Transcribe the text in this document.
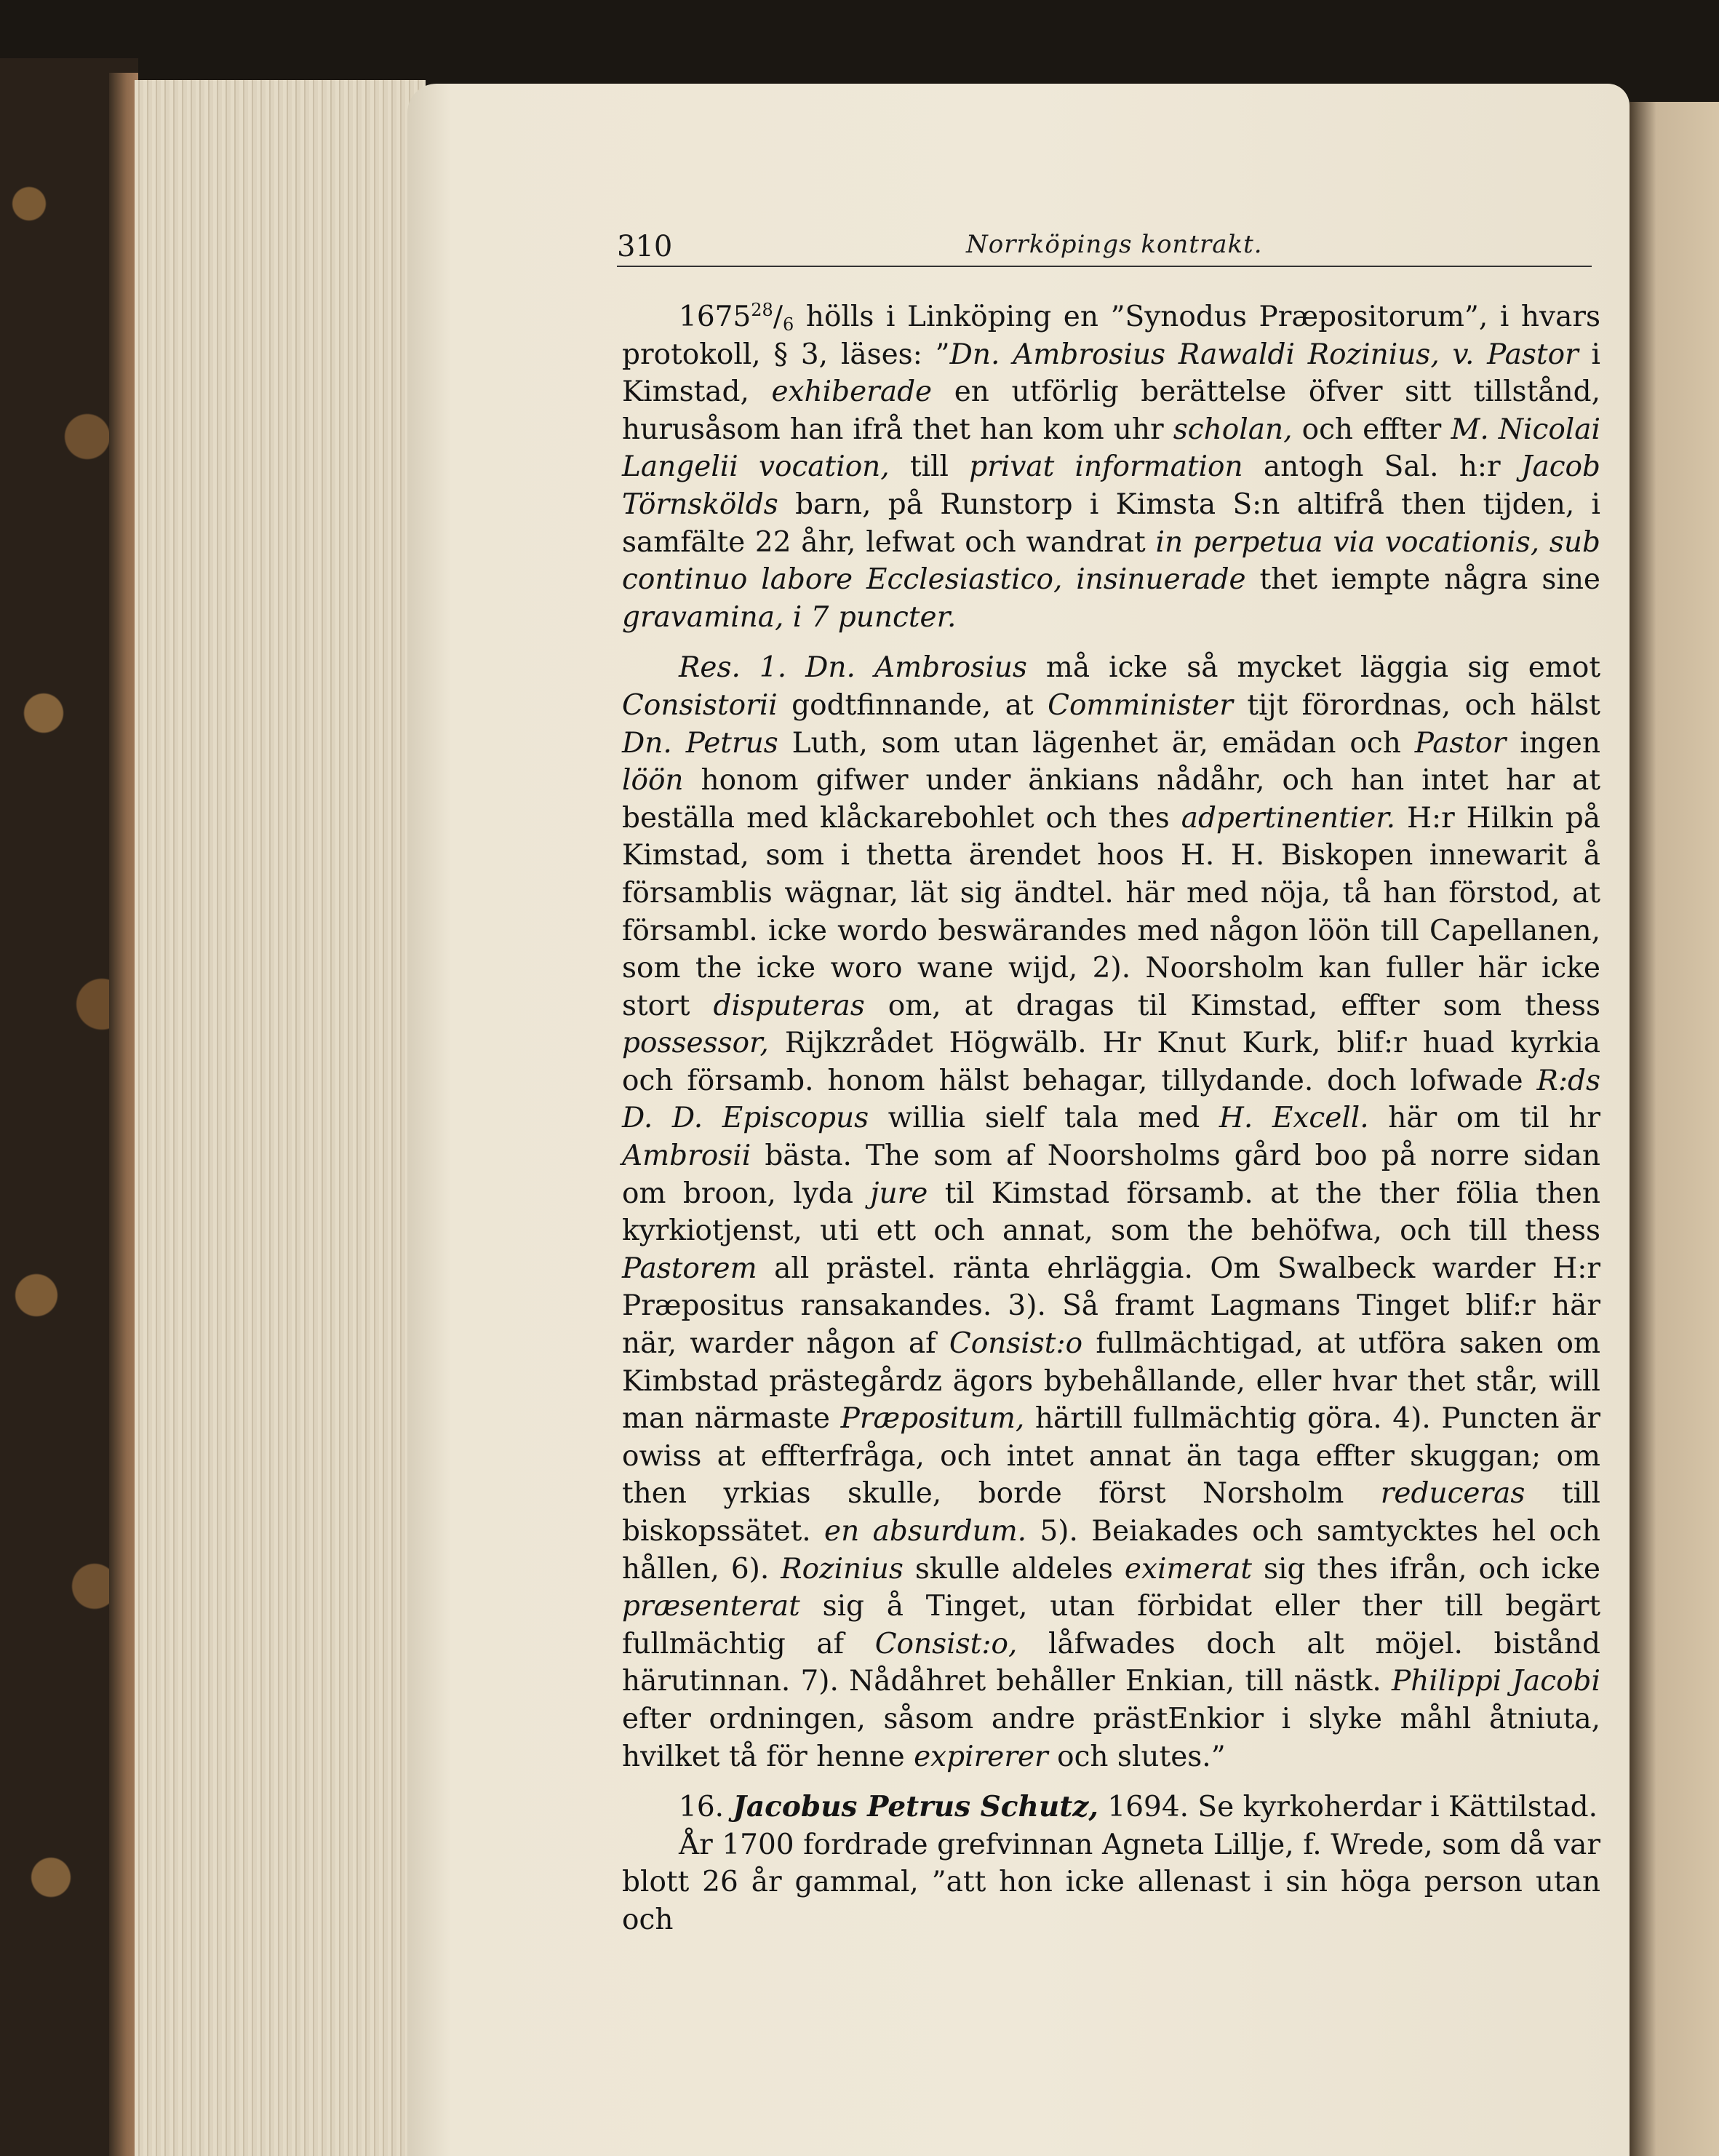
310	Norrköpings kontrakt.

$1675^{28}/_6$ hölls i Linköping en ”Synodus Præpositorum”, i hvars protokoll, § 3, läses: ”Dn. Ambrosius Rawaldi Rozinius, v. Pastor i Kimstad, exhiberade en utförlig berättelse öfver sitt tillstånd, hurusåsom han ifrå thet han kom uhr scholan, och effter M. Nicolai Langelii vocation, till privat information antogh Sal. h:r Jacob Törnskölds barn, på Runstorp i Kimsta S:n altifrå then tijden, i samfälte 22 åhr, lefwat och wandrat in perpetua via vocationis, sub continuo labore Ecclesiastico, insinuerade thet iempte några sine gravamina, i 7 puncter.

Res. 1. Dn. Ambrosius må icke så mycket läggia sig emot Consistorii godtfinnande, at Comminister tijt förordnas, och hälst Dn. Petrus Luth, som utan lägenhet är, emädan och Pastor ingen löön honom gifwer under änkians nådåhr, och han intet har at beställa med klåckarebohlet och thes adpertinentier. H:r Hilkin på Kimstad, som i thetta ärendet hoos H. H. Biskopen innewarit å församblis wägnar, lät sig ändtel. här med nöja, tå han förstod, at försambl. icke wordo beswärandes med någon löön till Capellanen, som the icke woro wane wijd, 2). Noorsholm kan fuller här icke stort disputeras om, at dragas til Kimstad, effter som thess possessor, Rijkzrådet Högwälb. Hr Knut Kurk, blif:r huad kyrkia och församb. honom hälst behagar, tillydande. doch lofwade R:ds D. D. Episcopus willia sielf tala med H. Excell. här om til hr Ambrosii bästa. The som af Noorsholms gård boo på norre sidan om broon, lyda jure til Kimstad församb. at the ther fölia then kyrkiotjenst, uti ett och annat, som the behöfwa, och till thess Pastorem all prästel. ränta ehrläggia. Om Swalbeck warder H:r Præpositus ransakandes. 3). Så framt Lagmans Tinget blif:r här när, warder någon af Consist:o fullmächtigad, at utföra saken om Kimbstad prästegårdz ägors bybehållande, eller hvar thet står, will man närmaste Præpositum, härtill fullmächtig göra. 4). Puncten är owiss at effterfråga, och intet annat än taga effter skuggan; om then yrkias skulle, borde först Norsholm reduceras till biskopssätet. en absurdum. 5). Beiakades och samtycktes hel och hållen, 6). Rozinius skulle aldeles eximerat sig thes ifrån, och icke præsenterat sig å Tinget, utan förbidat eller ther till begärt fullmächtig af Consist:o, låfwades doch alt möjel. bistånd härutinnan. 7). Nådåhret behåller Enkian, till nästk. Philippi Jacobi efter ordningen, såsom andre prästEnkior i slyke måhl åtniuta, hvilket tå för henne expirerer och slutes.”

16. Jacobus Petrus Schutz, 1694. Se kyrkoherdar i Kättilstad.

År 1700 fordrade grefvinnan Agneta Lillje, f. Wrede, som då var blott 26 år gammal, ”att hon icke allenast i sin höga person utan och
